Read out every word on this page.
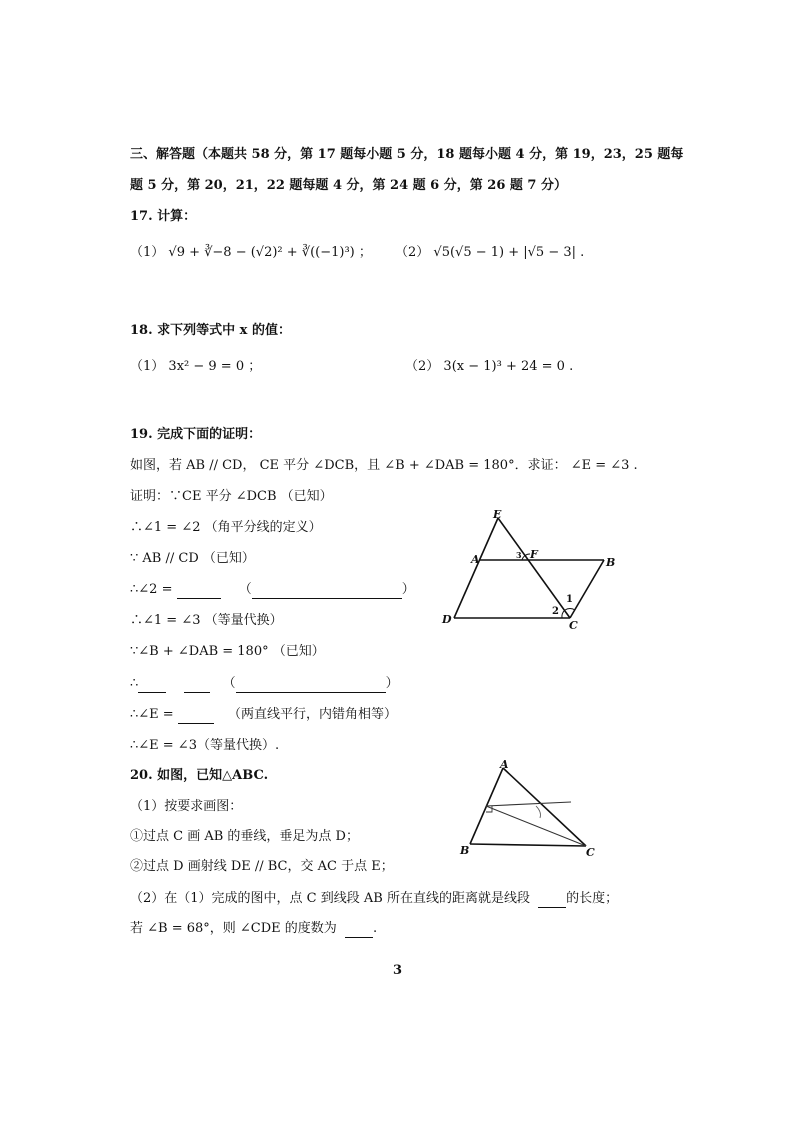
三、解答题（本题共 58 分，第 17 题每小题 5 分，18 题每小题 4 分，第 19，23，25 题每
题 5 分，第 20，21，22 题每题 4 分，第 24 题 6 分，第 26 题 7 分）
17. 计算：
（1） √9 + ∛−8 − (√2)² + ∛((−1)³) ； （2） √5(√5 − 1) + |√5 − 3| .
18. 求下列等式中 x 的值：
（1） 3x² − 9 = 0 ；	（2） 3(x − 1)³ + 24 = 0 .
19. 完成下面的证明：
如图，若 AB // CD， CE 平分 ∠DCB，且 ∠B + ∠DAB = 180°．求证： ∠E = ∠3 .
证明：∵CE 平分 ∠DCB （已知）
∴∠1 = ∠2 （角平分线的定义）
∵ AB // CD （已知）
∴∠2 =	（	）
∴∠1 = ∠3 （等量代换）
∵∠B + ∠DAB = 180° （已知）
∴	（	）
∴∠E =	（两直线平行，内错角相等）
∴∠E = ∠3（等量代换）.
E
A	F
B
D	C
1
2
3
20. 如图，已知△ABC.
（1）按要求画图：
①过点 C 画 AB 的垂线，垂足为点 D；
②过点 D 画射线 DE // BC，交 AC 于点 E；
（2）在（1）完成的图中，点 C 到线段 AB 所在直线的距离就是线段	的长度；
若 ∠B = 68°，则 ∠CDE 的度数为	.
A
B	C
3
